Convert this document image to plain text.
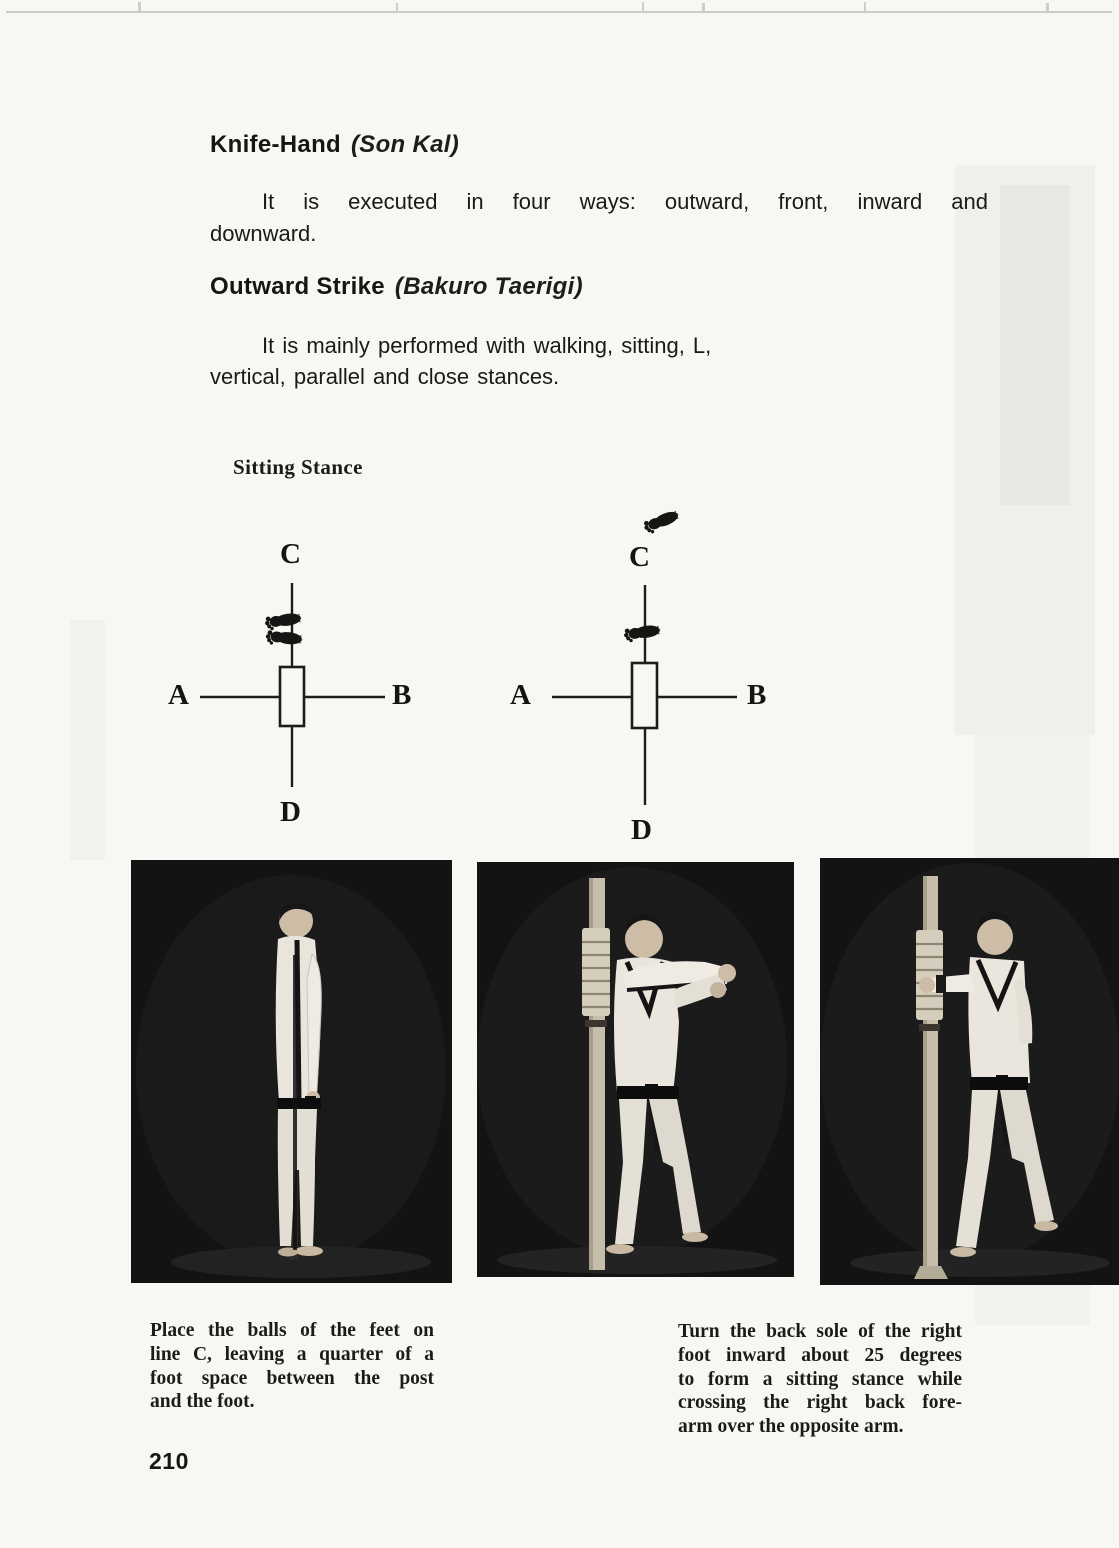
Knife-Hand (Son Kal)
It is executed in four ways: outward, front, inward and
downward.
Outward Strike (Bakuro Taerigi)
It is mainly performed with walking, sitting, L,
vertical, parallel and close stances.
Sitting Stance
C
A	B
D
C
A	B
D
Place the balls of the feet on
line C, leaving a quarter of a
foot space between the post
and the foot.
Turn the back sole of the right
foot inward about 25 degrees
to form a sitting stance while
crossing the right back fore-
arm over the opposite arm.
210
